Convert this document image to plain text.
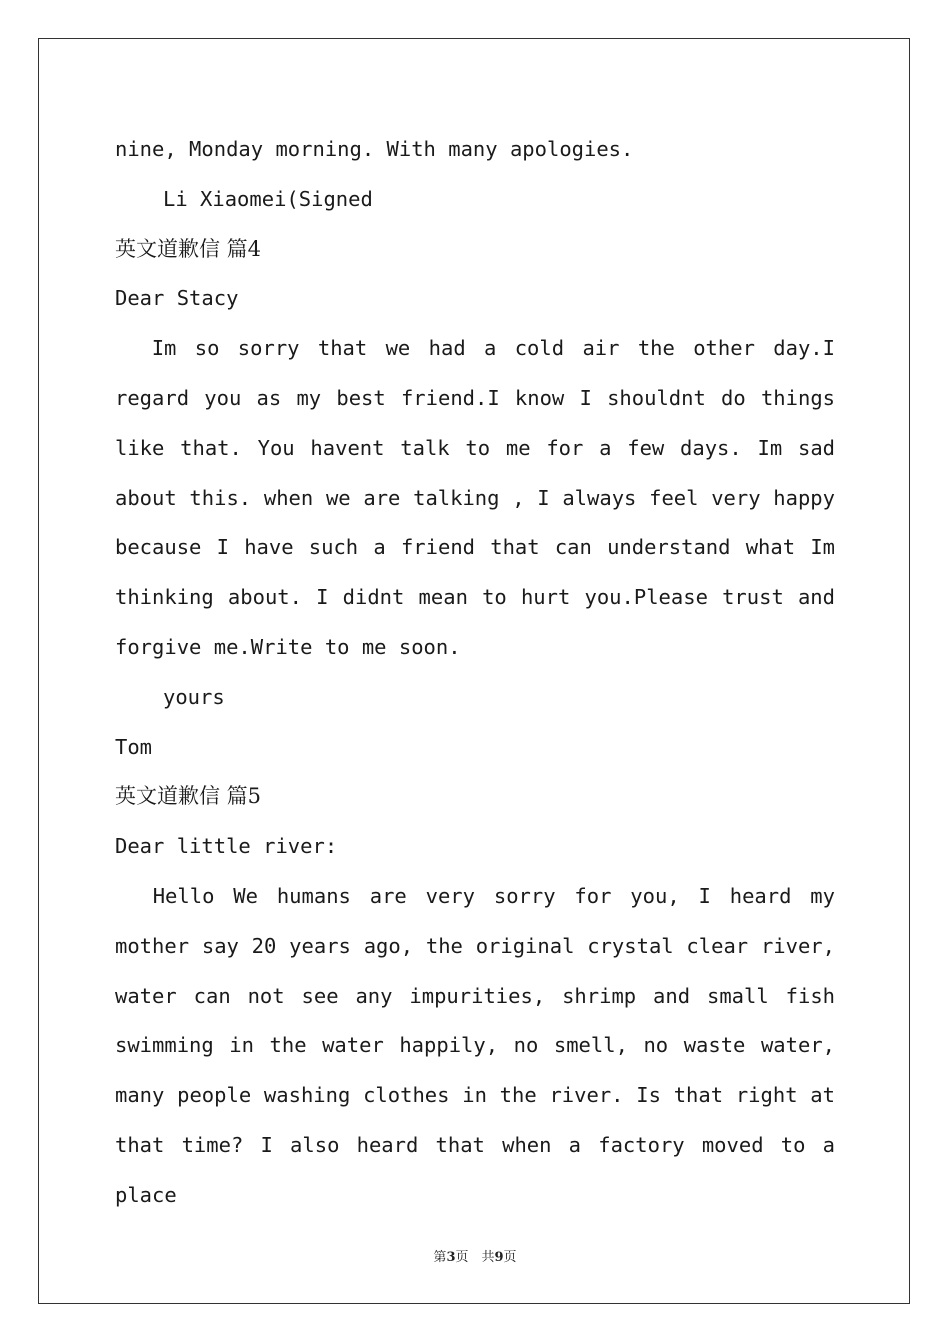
nine, Monday morning. With many apologies.
Li Xiaomei(Signed
英文道歉信 篇4
Dear Stacy
Im so sorry that we had a cold air the other day.I
regard you as my best friend.I know I shouldnt do things
like that. You havent talk to me for a few days. Im sad
about this. when we are talking , I always feel very happy
because I have such a friend that can understand what Im
thinking about. I didnt mean to hurt you.Please trust and
forgive me.Write to me soon.
yours
Tom
英文道歉信 篇5
Dear little river:
Hello We humans are very sorry for you, I heard my
mother say 20 years ago, the original crystal clear river,
water can not see any impurities, shrimp and small fish
swimming in the water happily, no smell, no waste water,
many people washing clothes in the river. Is that right at
that time? I also heard that when a factory moved to a place
第3页　共9页
